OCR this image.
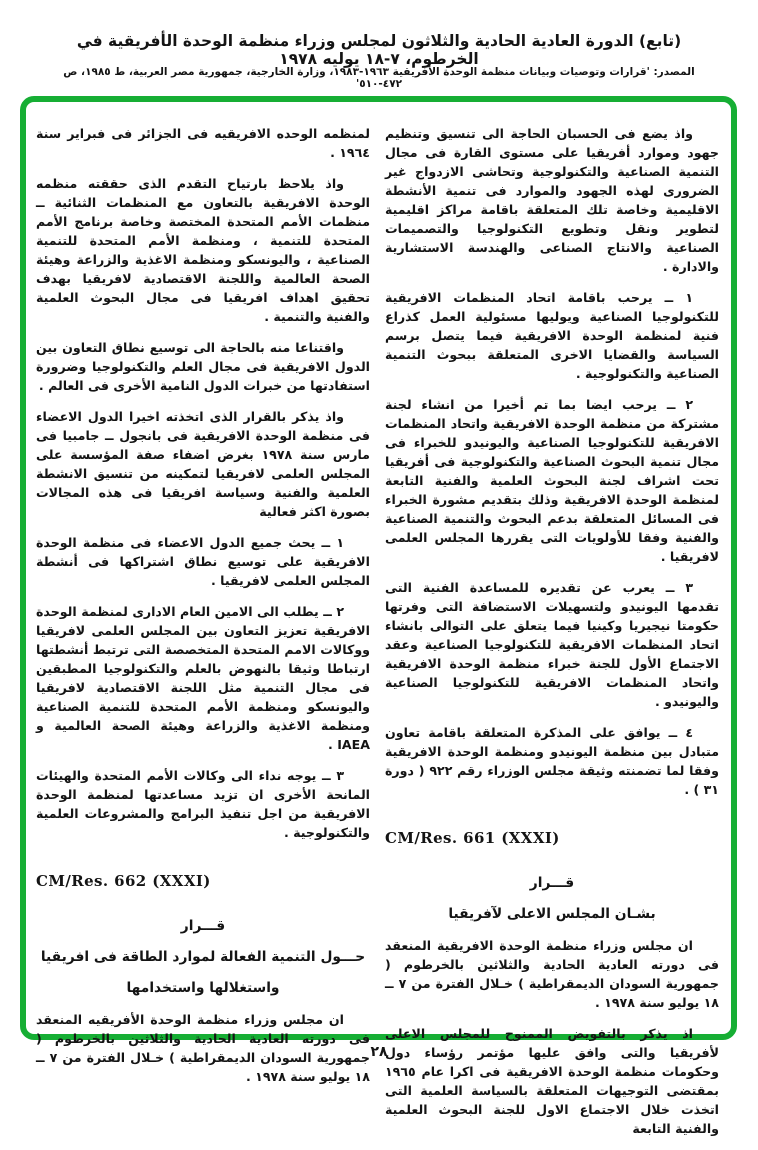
(تابع) الدورة العادية الحادية والثلاثون لمجلس وزراء منظمة الوحدة الأفريقية في الخرطوم، ٧-١٨ يوليه ١٩٧٨
المصدر: 'قرارات وتوصيات وبيانات منظمة الوحدة الأفريقية ١٩٦٣-١٩٨٣، وزارة الخارجية، جمهورية مصر العربية، ط ١٩٨٥، ص ٤٧٢-٥١٠'

لمنظمه الوحده الافريقيه فى الجزائر فى فبراير سنة ١٩٦٤ .

واذ يلاحظ بارتياح التقدم الذى حققته منظمه الوحدة الافريقية بالتعاون مع المنظمات الثنائية ــ منظمات الأمم المتحدة المختصة وخاصة برنامج الأمم المتحدة للتنمية ، ومنظمة الأمم المتحدة للتنمية الصناعية ، واليونسكو ومنظمة الاغذية والزراعة وهيئة الصحة العالمية واللجنة الاقتصادية لافريقيا بهدف تحقيق اهداف افريقيا فى مجال البحوث العلمية والفنية والتنمية .

واقتناعا منه بالحاجة الى توسيع نطاق التعاون بين الدول الافريقية فى مجال العلم والتكنولوجيا وضرورة استفادتها من خبرات الدول النامية الأخرى فى العالم .

واذ يذكر بالقرار الذى اتخذته اخيرا الدول الاعضاء فى منظمة الوحدة الافريقية فى بانجول ــ جامبيا فى مارس سنة ١٩٧٨ بغرض اضفاء صفة المؤسسة على المجلس العلمى لافريقيا لتمكينه من تنسيق الانشطة العلمية والفنية وسياسة افريقيا فى هذه المجالات بصورة اكثر فعالية

١ ــ يحث جميع الدول الاعضاء فى منظمة الوحدة الافريقية على توسيع نطاق اشتراكها فى أنشطة المجلس العلمى لافريقيا .

٢ ــ يطلب الى الامين العام الادارى لمنظمة الوحدة الافريقية تعزيز التعاون بين المجلس العلمى لافريقيا ووكالات الامم المتحدة المتخصصة التى ترتبط أنشطتها ارتباطا وثيقا بالنهوض بالعلم والتكنولوجيا المطبقين فى مجال التنمية مثل اللجنة الاقتصادية لافريقيا واليونسكو ومنظمة الأمم المتحدة للتنمية الصناعية ومنظمة الاغذية والزراعة وهيئة الصحة العالمية و IAEA .

٣ ــ يوجه نداء الى وكالات الأمم المتحدة والهيئات المانحة الأخرى ان تزيد مساعدتها لمنظمة الوحدة الافريقية من اجل تنفيذ البرامج والمشروعات العلمية والتكنولوجية .

CM/Res. 662 (XXXI)

قـــرار

حـــول التنمية الفعالة لموارد الطاقة فى افريقيا

واستغلالها واستخدامها

ان مجلس وزراء منظمة الوحدة الأفريقيه المنعقد فى دورته العادية الحادية والثلاثين بالخرطوم ( جمهورية السودان الديمقراطية ) خـلال الفترة من ٧ ــ ١٨ يوليو سنة ١٩٧٨ .

واذ يضع فى الحسبان الحاجة الى تنسيق وتنظيم جهود وموارد أفريقيا على مستوى القارة فى مجال التنمية الصناعية والتكنولوجية وتحاشى الازدواج غير الضرورى لهذه الجهود والموارد فى تنمية الأنشطة الاقليمية وخاصة تلك المتعلقة باقامة مراكز اقليمية لتطوير ونقل وتطويع التكنولوجيا والتصميمات الصناعية والانتاج الصناعى والهندسة الاستشارية والادارة .

١ ــ يرحب باقامة اتحاد المنظمات الافريقية للتكنولوجيا الصناعية ويوليها مسئولية العمل كذراع فنية لمنظمة الوحدة الافريقية فيما يتصل برسم السياسة والقضايا الاخرى المتعلقة ببحوث التنمية الصناعية والتكنولوجية .

٢ ــ يرحب ايضا بما تم أخيرا من انشاء لجنة مشتركة من منظمة الوحدة الافريقية واتحاد المنظمات الافريقية للتكنولوجيا الصناعية واليونيدو للخبراء فى مجال تنمية البحوث الصناعية والتكنولوجية فى أفريقيا تحت اشراف لجنة البحوث العلمية والفنية التابعة لمنظمة الوحدة الافريقية وذلك بتقديم مشورة الخبراء فى المسائل المتعلقة بدعم البحوث والتنمية الصناعية والفنية وفقا للأولويات التى يقررها المجلس العلمى لافريقيا .

٣ ــ يعرب عن تقديره للمساعدة الفنية التى تقدمها اليونيدو ولتسهيلات الاستضافة التى وفرتها حكومتا نيجيريا وكينيا فيما يتعلق على التوالى بانشاء اتحاد المنظمات الافريقية للتكنولوجيا الصناعية وعقد الاجتماع الأول للجنة خبراء منظمة الوحدة الافريقية واتحاد المنظمات الافريقية للتكنولوجيا الصناعية واليونيدو .

٤ ــ يوافق على المذكرة المتعلقة باقامة تعاون متبادل بين منظمة اليونيدو ومنظمة الوحدة الافريقية وفقا لما تضمنته وثيقة مجلس الوزراء رقم ٩٢٢ ( دورة ٣١ ) .

CM/Res. 661 (XXXI)

قـــرار

بشـان المجلس الاعلى لآفريقيا

ان مجلس وزراء منظمة الوحدة الافريقية المنعقد فى دورته العادية الحادية والثلاثين بالخرطوم ( جمهورية السودان الديمقراطية ) خـلال الفترة من ٧ ــ ١٨ يوليو سنة ١٩٧٨ .

اذ يذكر بالتفويض الممنوح للمجلس الاعلى لأفريقيا والتى وافق عليها مؤتمر رؤساء دول وحكومات منظمة الوحدة الافريقية فى اكرا عام ١٩٦٥ بمقتضى التوجيهات المتعلقة بالسياسة العلمية التى اتخذت خلال الاجتماع الاول للجنة البحوث العلمية والفنية التابعة

٢٨
